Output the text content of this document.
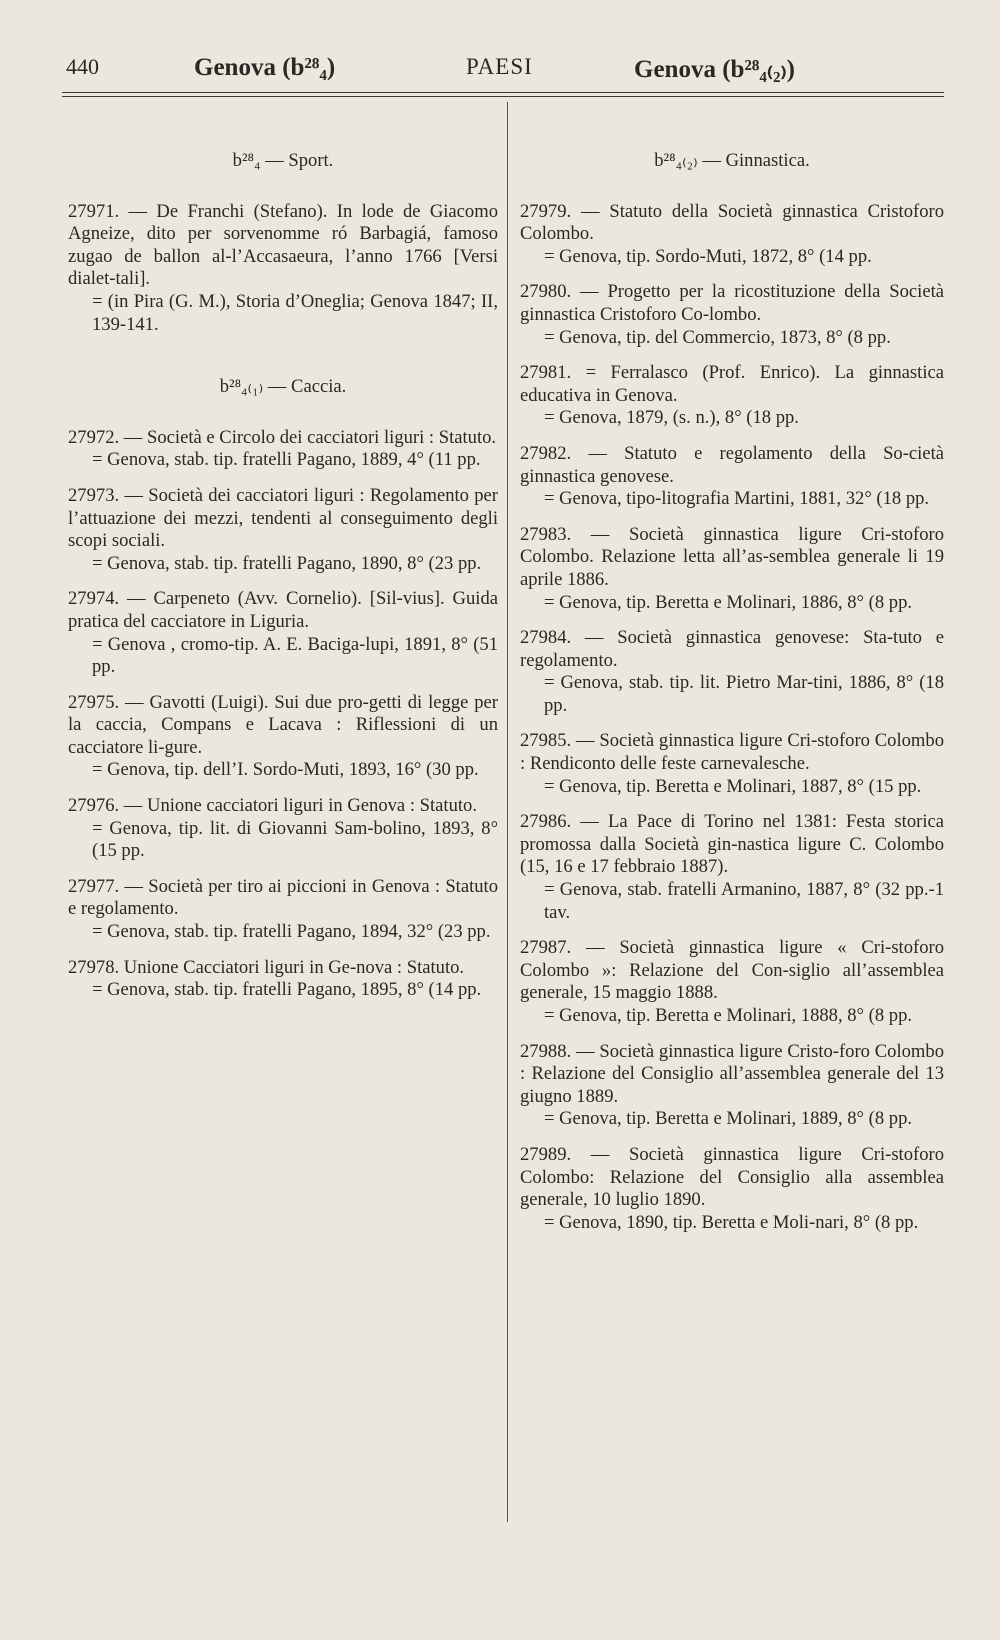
440	Genova (b²⁸₄)	PAESI	Genova (b²⁸₄₍₂₎)
b²⁸₄ — Sport.

27971. — De Franchi (Stefano). In lode de Giacomo Agneize, dito per sorvenomme ró Barbagiá, famoso zugao de ballon al-l’Accasaeura, l’anno 1766 [Versi dialet-tali].

= (in Pira (G. M.), Storia d’Oneglia; Genova 1847; II, 139-141.

b²⁸₄₍₁₎ — Caccia.

27972. — Società e Circolo dei cacciatori liguri : Statuto.

= Genova, stab. tip. fratelli Pagano, 1889, 4° (11 pp.

27973. — Società dei cacciatori liguri : Regolamento per l’attuazione dei mezzi, tendenti al conseguimento degli scopi sociali.

= Genova, stab. tip. fratelli Pagano, 1890, 8° (23 pp.

27974. — Carpeneto (Avv. Cornelio). [Sil-vius]. Guida pratica del cacciatore in Liguria.

= Genova , cromo-tip. A. E. Baciga-lupi, 1891, 8° (51 pp.

27975. — Gavotti (Luigi). Sui due pro-getti di legge per la caccia, Compans e Lacava : Riflessioni di un cacciatore li-gure.

= Genova, tip. dell’I. Sordo-Muti, 1893, 16° (30 pp.

27976. — Unione cacciatori liguri in Genova : Statuto.

= Genova, tip. lit. di Giovanni Sam-bolino, 1893, 8° (15 pp.

27977. — Società per tiro ai piccioni in Genova : Statuto e regolamento.

= Genova, stab. tip. fratelli Pagano, 1894, 32° (23 pp.

27978. Unione Cacciatori liguri in Ge-nova : Statuto.

= Genova, stab. tip. fratelli Pagano, 1895, 8° (14 pp.

b²⁸₄₍₂₎ — Ginnastica.

27979. — Statuto della Società ginnastica Cristoforo Colombo.

= Genova, tip. Sordo-Muti, 1872, 8° (14 pp.

27980. — Progetto per la ricostituzione della Società ginnastica Cristoforo Co-lombo.

= Genova, tip. del Commercio, 1873, 8° (8 pp.

27981. = Ferralasco (Prof. Enrico). La ginnastica educativa in Genova.

= Genova, 1879, (s. n.), 8° (18 pp.

27982. — Statuto e regolamento della So-cietà ginnastica genovese.

= Genova, tipo-litografia Martini, 1881, 32° (18 pp.

27983. — Società ginnastica ligure Cri-stoforo Colombo. Relazione letta all’as-semblea generale li 19 aprile 1886.

= Genova, tip. Beretta e Molinari, 1886, 8° (8 pp.

27984. — Società ginnastica genovese: Sta-tuto e regolamento.

= Genova, stab. tip. lit. Pietro Mar-tini, 1886, 8° (18 pp.

27985. — Società ginnastica ligure Cri-stoforo Colombo : Rendiconto delle feste carnevalesche.

= Genova, tip. Beretta e Molinari, 1887, 8° (15 pp.

27986. — La Pace di Torino nel 1381: Festa storica promossa dalla Società gin-nastica ligure C. Colombo (15, 16 e 17 febbraio 1887).

= Genova, stab. fratelli Armanino, 1887, 8° (32 pp.-1 tav.

27987. — Società ginnastica ligure « Cri-stoforo Colombo »: Relazione del Con-siglio all’assemblea generale, 15 maggio 1888.

= Genova, tip. Beretta e Molinari, 1888, 8° (8 pp.

27988. — Società ginnastica ligure Cristo-foro Colombo : Relazione del Consiglio all’assemblea generale del 13 giugno 1889.

= Genova, tip. Beretta e Molinari, 1889, 8° (8 pp.

27989. — Società ginnastica ligure Cri-stoforo Colombo: Relazione del Consiglio alla assemblea generale, 10 luglio 1890.

= Genova, 1890, tip. Beretta e Moli-nari, 8° (8 pp.
